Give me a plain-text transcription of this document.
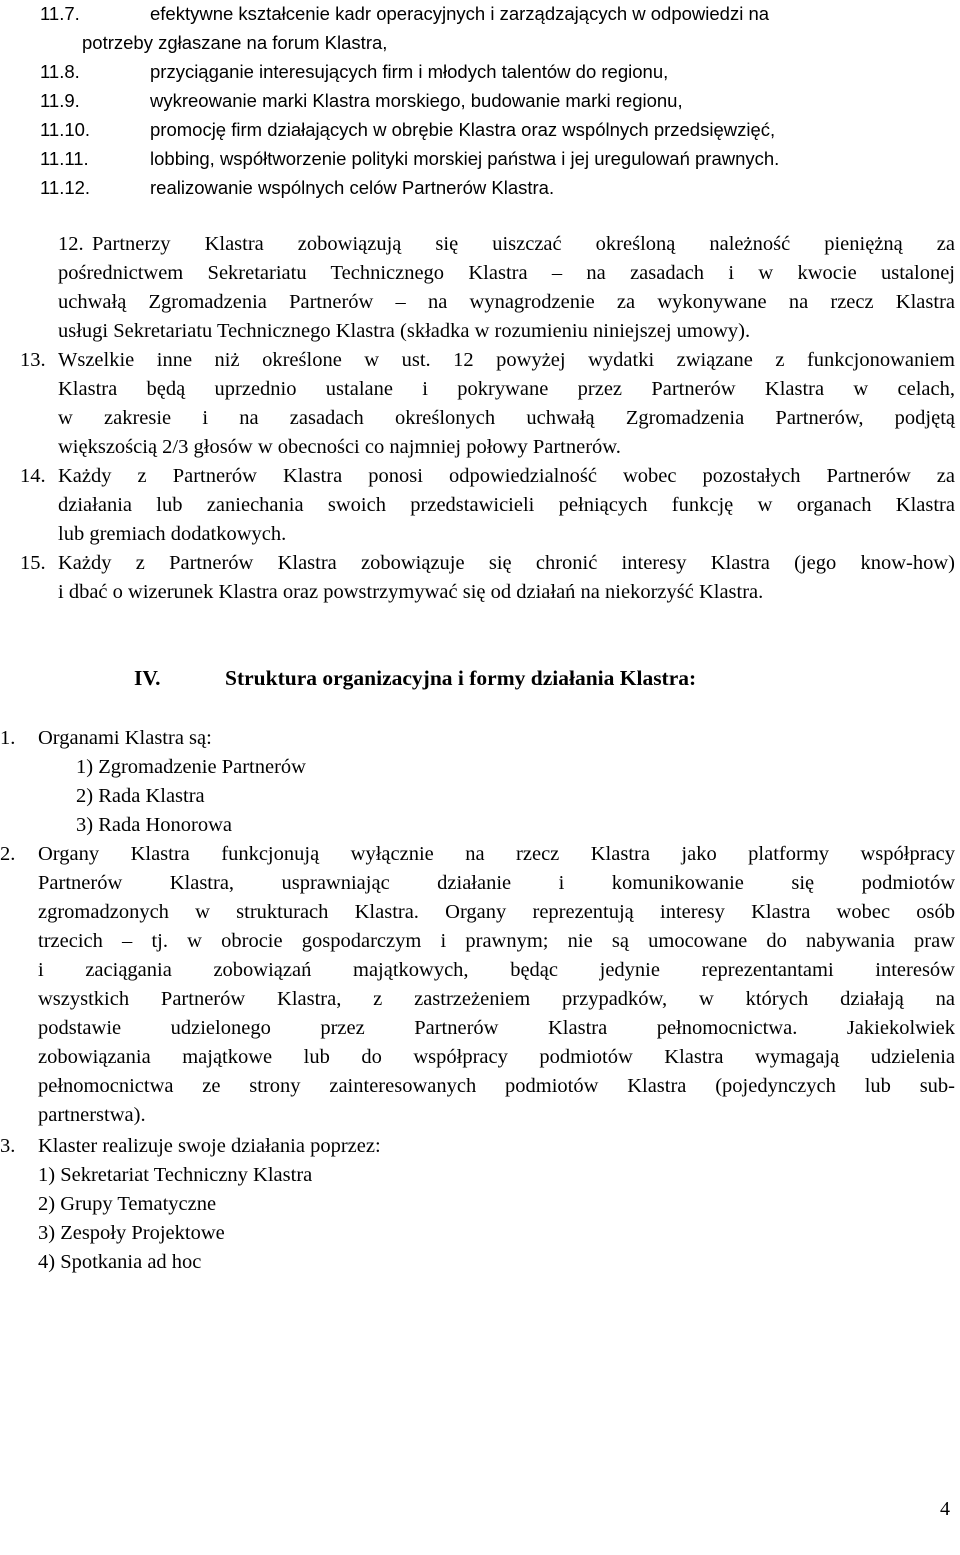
11.7.	efektywne kształcenie kadr operacyjnych i zarządzających w odpowiedzi na
potrzeby zgłaszane na forum Klastra,
11.8.	przyciąganie interesujących firm i młodych talentów do regionu,
11.9.	wykreowanie marki Klastra morskiego, budowanie marki regionu,
11.10.	promocję firm działających w obrębie Klastra oraz wspólnych przedsięwzięć,
11.11.	lobbing, współtworzenie polityki morskiej państwa i jej uregulowań prawnych.
11.12.	realizowanie wspólnych celów Partnerów Klastra.
12. Partnerzy Klastra zobowiązują się uiszczać określoną należność pieniężną za
pośrednictwem Sekretariatu Technicznego Klastra – na zasadach i w kwocie ustalonej
uchwałą Zgromadzenia Partnerów – na wynagrodzenie za wykonywane na rzecz Klastra
usługi Sekretariatu Technicznego Klastra (składka w rozumieniu niniejszej umowy).
13. Wszelkie inne niż określone w ust. 12 powyżej wydatki związane z funkcjonowaniem
Klastra będą uprzednio ustalane i pokrywane przez Partnerów Klastra w celach,
w zakresie i na zasadach określonych uchwałą Zgromadzenia Partnerów, podjętą
większością 2/3 głosów w obecności co najmniej połowy Partnerów.
14. Każdy z Partnerów Klastra ponosi odpowiedzialność wobec pozostałych Partnerów za
działania lub zaniechania swoich przedstawicieli pełniących funkcję w organach Klastra
lub gremiach dodatkowych.
15. Każdy z Partnerów Klastra zobowiązuje się chronić interesy Klastra (jego know-how)
i dbać o wizerunek Klastra oraz powstrzymywać się od działań na niekorzyść Klastra.
IV.	Struktura organizacyjna i formy działania Klastra:
1. Organami Klastra są:
1) Zgromadzenie Partnerów
2) Rada Klastra
3) Rada Honorowa
2. Organy Klastra funkcjonują wyłącznie na rzecz Klastra jako platformy współpracy
Partnerów Klastra, usprawniając działanie i komunikowanie się podmiotów
zgromadzonych w strukturach Klastra. Organy reprezentują interesy Klastra wobec osób
trzecich – tj. w obrocie gospodarczym i prawnym; nie są umocowane do nabywania praw
i zaciągania zobowiązań majątkowych, będąc jedynie reprezentantami interesów
wszystkich Partnerów Klastra, z zastrzeżeniem przypadków, w których działają na
podstawie udzielonego przez Partnerów Klastra pełnomocnictwa. Jakiekolwiek
zobowiązania majątkowe lub do współpracy podmiotów Klastra wymagają udzielenia
pełnomocnictwa ze strony zainteresowanych podmiotów Klastra (pojedynczych lub sub-
partnerstwa).
3. Klaster realizuje swoje działania poprzez:
1) Sekretariat Techniczny Klastra
2) Grupy Tematyczne
3) Zespoły Projektowe
4) Spotkania ad hoc
4
